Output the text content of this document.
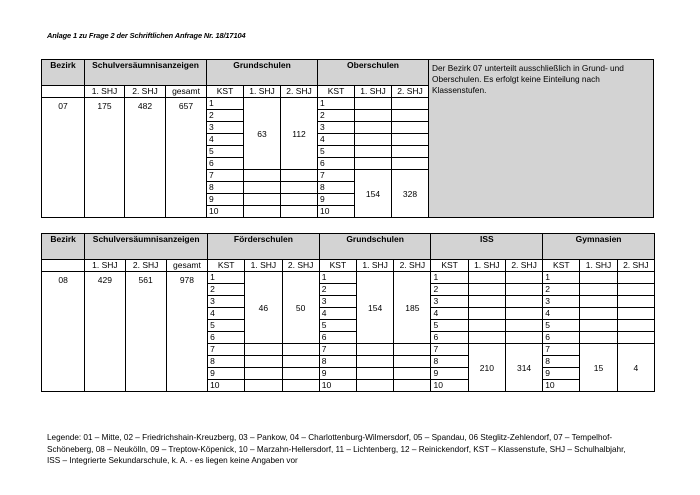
Anlage 1 zu Frage 2 der Schriftlichen Anfrage Nr. 18/17104
Bezirk	Schulversäumnisanzeigen			Grundschulen			Oberschulen			Der Bezirk 07 unterteilt ausschließlich in Grund- und Oberschulen. Es erfolgt keine Einteilung nach Klassenstufen.
	1. SHJ	2. SHJ	gesamt	KST	1. SHJ	2. SHJ	KST	1. SHJ	2. SHJ	
07	175	482	657	1	63	112	1			
				2			2			
				3			3			
				4			4			
				5			5			
				6			6			
				7			7	154	328	
				8			8			
				9			9			
				10			10			
Bezirk	Schulversäumnisanzeigen			Förderschulen			Grundschulen			ISS			Gymnasien		
	1. SHJ	2. SHJ	gesamt	KST	1. SHJ	2. SHJ	KST	1. SHJ	2. SHJ	KST	1. SHJ	2. SHJ	KST	1. SHJ	2. SHJ
08	429	561	978	1	46	50	1	154	185	1			1		
				2			2			2			2		
				3			3			3			3		
				4			4			4			4		
				5			5			5			5		
				6			6			6			6		
				7			7			7	210	314	7	15	4
				8			8			8			8		
				9			9			9			9		
				10			10			10			10		
Legende: 01 – Mitte, 02 – Friedrichshain-Kreuzberg, 03 – Pankow, 04 – Charlottenburg-Wilmersdorf, 05 – Spandau, 06 Steglitz-Zehlendorf, 07 – Tempelhof-
Schöneberg, 08 – Neukölln, 09 – Treptow-Köpenick, 10 – Marzahn-Hellersdorf, 11 – Lichtenberg, 12 – Reinickendorf, KST – Klassenstufe, SHJ – Schulhalbjahr,
ISS – Integrierte Sekundarschule, k. A. - es liegen keine Angaben vor
